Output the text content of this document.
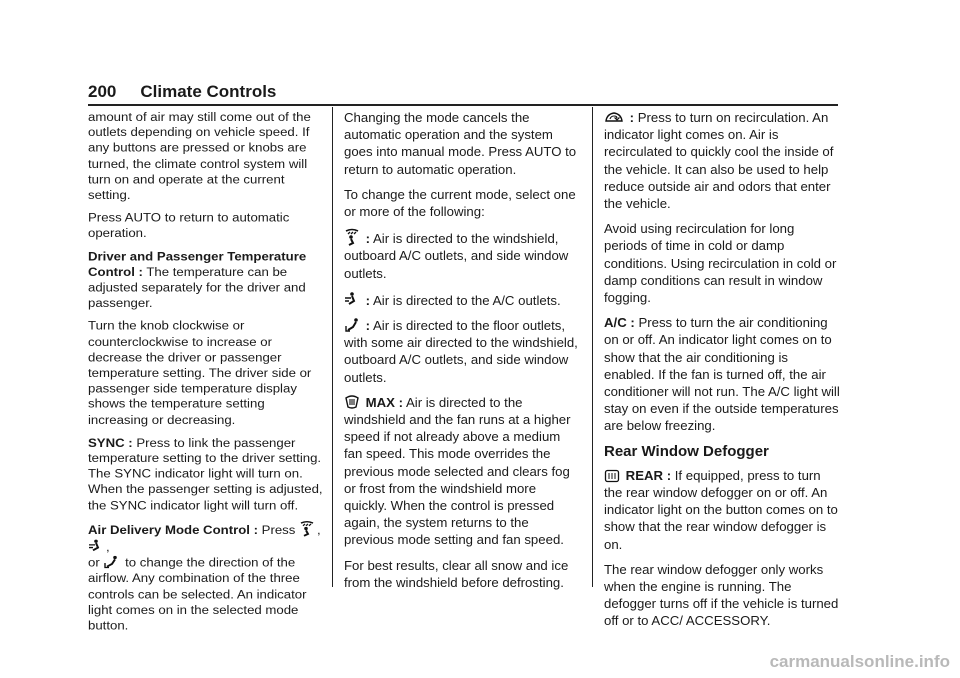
200 Climate Controls

amount of air may still come out of the outlets depending on vehicle speed. If any buttons are pressed or knobs are turned, the climate control system will turn on and operate at the current setting.

Press AUTO to return to automatic operation.

Driver and Passenger Temperature Control : The temperature can be adjusted separately for the driver and passenger.

Turn the knob clockwise or counterclockwise to increase or decrease the driver or passenger temperature setting. The driver side or passenger side temperature display shows the temperature setting increasing or decreasing.

SYNC : Press to link the passenger temperature setting to the driver setting. The SYNC indicator light will turn on. When the passenger setting is adjusted, the SYNC indicator light will turn off.

Air Delivery Mode Control : Press ,
,
or
to change the direction of the airflow. Any combination of the three controls can be selected. An indicator light comes on in the selected mode button.

Changing the mode cancels the automatic operation and the system goes into manual mode. Press AUTO to return to automatic operation.

To change the current mode, select one or more of the following:

: Air is directed to the windshield, outboard A/C outlets, and side window outlets.

: Air is directed to the A/C outlets.

: Air is directed to the floor outlets, with some air directed to the windshield, outboard A/C outlets, and side window outlets.

MAX : Air is directed to the windshield and the fan runs at a higher speed if not already above a medium fan speed. This mode overrides the previous mode selected and clears fog or frost from the windshield more quickly. When the control is pressed again, the system returns to the previous mode setting and fan speed.

For best results, clear all snow and ice from the windshield before defrosting.

: Press to turn on recirculation. An indicator light comes on. Air is recirculated to quickly cool the inside of the vehicle. It can also be used to help reduce outside air and odors that enter the vehicle.

Avoid using recirculation for long periods of time in cold or damp conditions. Using recirculation in cold or damp conditions can result in window fogging.

A/C : Press to turn the air conditioning on or off. An indicator light comes on to show that the air conditioning is enabled. If the fan is turned off, the air conditioner will not run. The A/C light will stay on even if the outside temperatures are below freezing.

Rear Window Defogger

REAR : If equipped, press to turn the rear window defogger on or off. An indicator light on the button comes on to show that the rear window defogger is on.

The rear window defogger only works when the engine is running. The defogger turns off if the vehicle is turned off or to ACC/ ACCESSORY.

carmanualsonline.info
